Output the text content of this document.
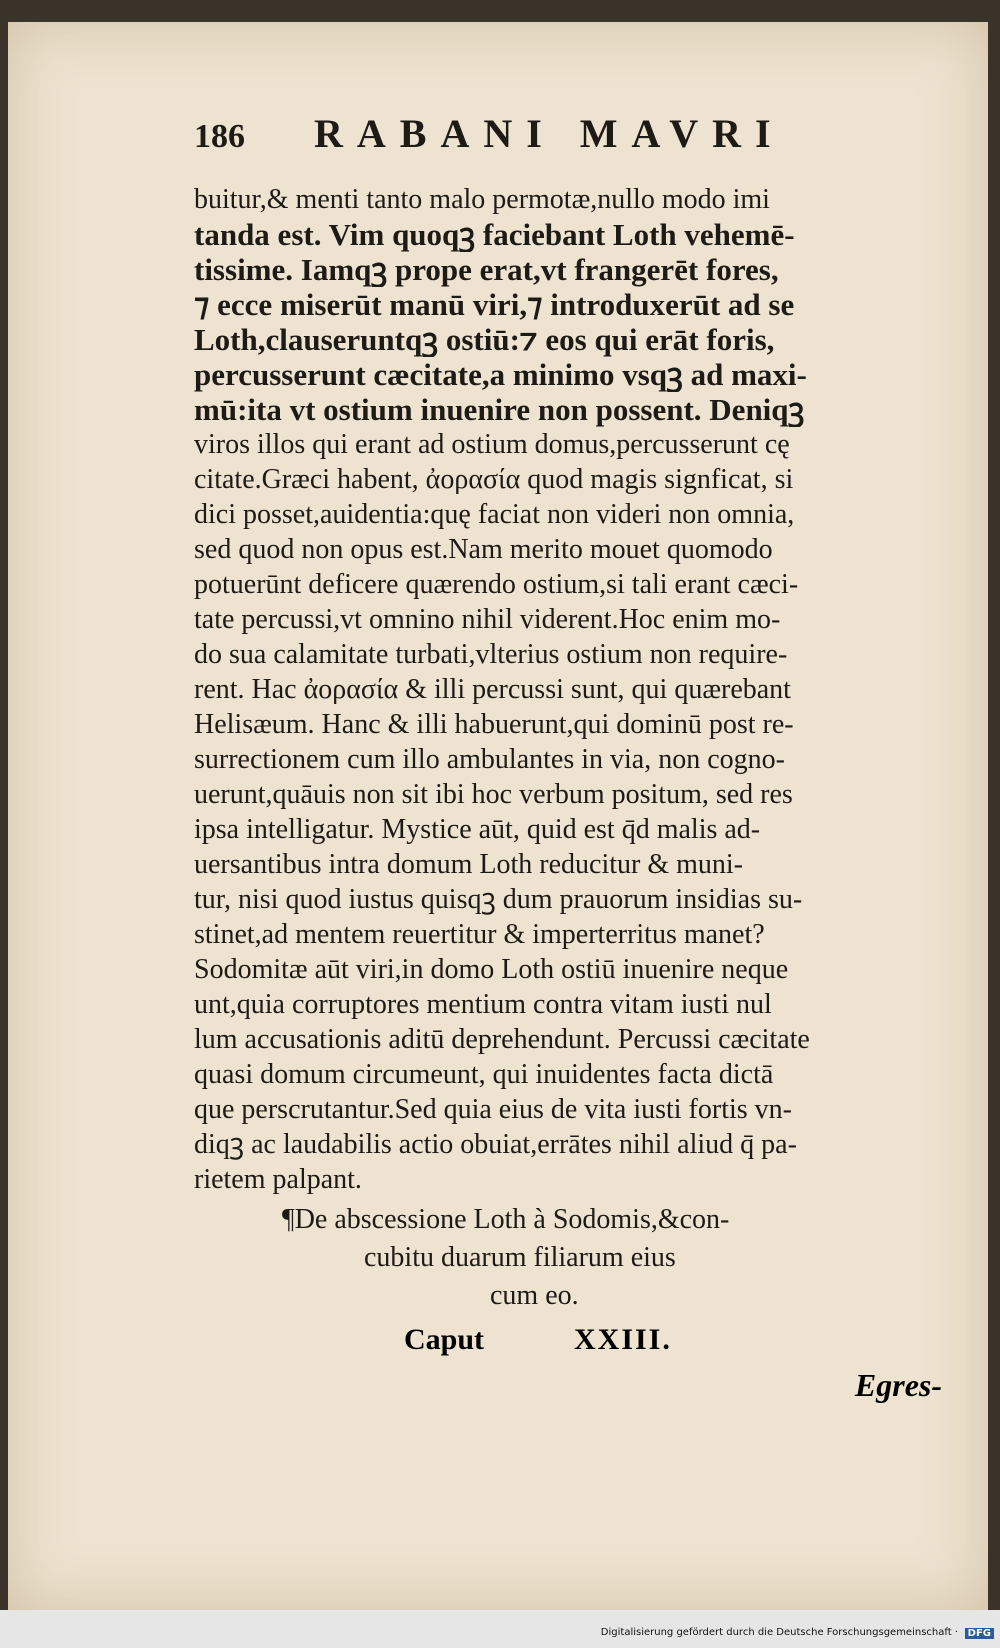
186	RABANI MAVRI
buitur,& menti tanto malo permotæ,nullo modo imi
tanda est. Vim quoqꝫ faciebant Loth vehemē-
tissime. Iamqꝫ prope erat,vt frangerēt fores,
⁊ ecce miserūt manū viri,⁊ introduxerūt ad se
Loth,clauseruntqꝫ ostiū:⁊ eos qui erāt foris,
percusserunt cæcitate,a minimo vsqꝫ ad maxi-
mū:ita vt ostium inuenire non possent. Deniqꝫ
viros illos qui erant ad ostium domus,percusserunt cę
citate.Græci habent, ἀορασία quod magis signficat, si
dici posset,auidentia:quę faciat non videri non omnia,
sed quod non opus est.Nam merito mouet quomodo
potuerūnt deficere quærendo ostium,si tali erant cæci-
tate percussi,vt omnino nihil viderent.Hoc enim mo-
do sua calamitate turbati,vlterius ostium non require-
rent. Hac ἀορασία & illi percussi sunt, qui quærebant
Helisæum. Hanc & illi habuerunt,qui dominū post re-
surrectionem cum illo ambulantes in via, non cogno-
uerunt,quāuis non sit ibi hoc verbum positum, sed res
ipsa intelligatur. Mystice aūt, quid est q̄d malis ad-
uersantibus intra domum Loth reducitur & muni-
tur, nisi quod iustus quisqꝫ dum prauorum insidias su-
stinet,ad mentem reuertitur & imperterritus manet?
Sodomitæ aūt viri,in domo Loth ostiū inuenire neque
unt,quia corruptores mentium contra vitam iusti nul
lum accusationis aditū deprehendunt. Percussi cæcitate
quasi domum circumeunt, qui inuidentes facta dictā
que perscrutantur.Sed quia eius de vita iusti fortis vn-
diqꝫ ac laudabilis actio obuiat,errātes nihil aliud q̄ pa-
rietem palpant.
¶De abscessione Loth à Sodomis,&con-
cubitu duarum filiarum eius
cum eo.
Caput	XXIII.
Egres-
Digitalisierung gefördert durch die Deutsche Forschungsgemeinschaft · DFG
